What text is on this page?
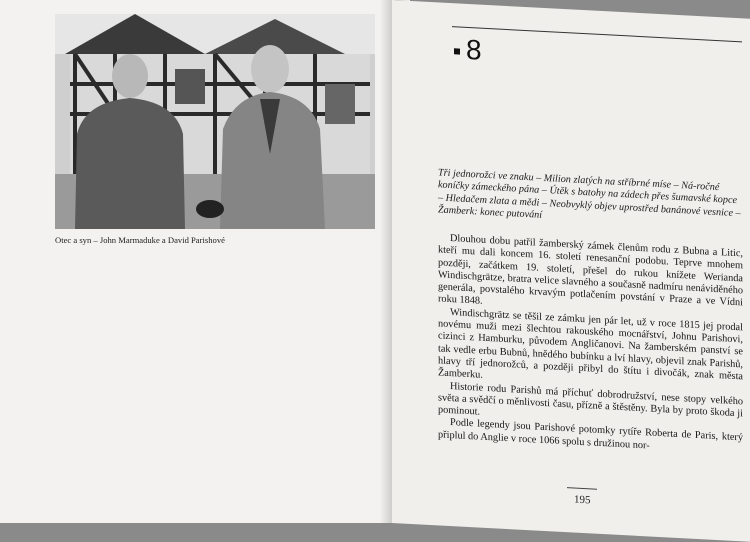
Otec a syn – John Marmaduke a David Parishové
8
Tři jednorožci ve znaku – Milion zlatých na stříbrné míse – Ná-ročné koníčky zámeckého pána – Útěk s batohy na zádech přes šumavské kopce – Hledačem zlata a mědi – Neobvyklý objev uprostřed banánové vesnice – Žamberk: konec putování

Dlouhou dobu patřil žamberský zámek členům rodu z Bubna a Litic, kteří mu dali koncem 16. století renesanční podobu. Teprve mnohem později, začátkem 19. století, přešel do rukou knížete Werianda Windischgrätze, bratra velice slavného a současně nadmíru nenáviděného generála, povstalého krvavým potlačením povstání v Praze a ve Vídni roku 1848.

Windischgrätz se těšil ze zámku jen pár let, už v roce 1815 jej prodal novému muži mezi šlechtou rakouského mocnářství, Johnu Parishovi, cizinci z Hamburku, původem Angličanovi. Na žamberském panství se tak vedle erbu Bubnů, hnědého bubínku a lví hlavy, objevil znak Parishů, hlavy tří jednorožců, a později přibyl do štítu i divočák, znak města Žamberku.

Historie rodu Parishů má příchuť dobrodružství, nese stopy velkého světa a svědčí o měnlivosti času, přízně a štěstěny. Byla by proto škoda ji pominout.

Podle legendy jsou Parishové potomky rytíře Roberta de Paris, který připlul do Anglie v roce 1066 spolu s družinou nor-

195
